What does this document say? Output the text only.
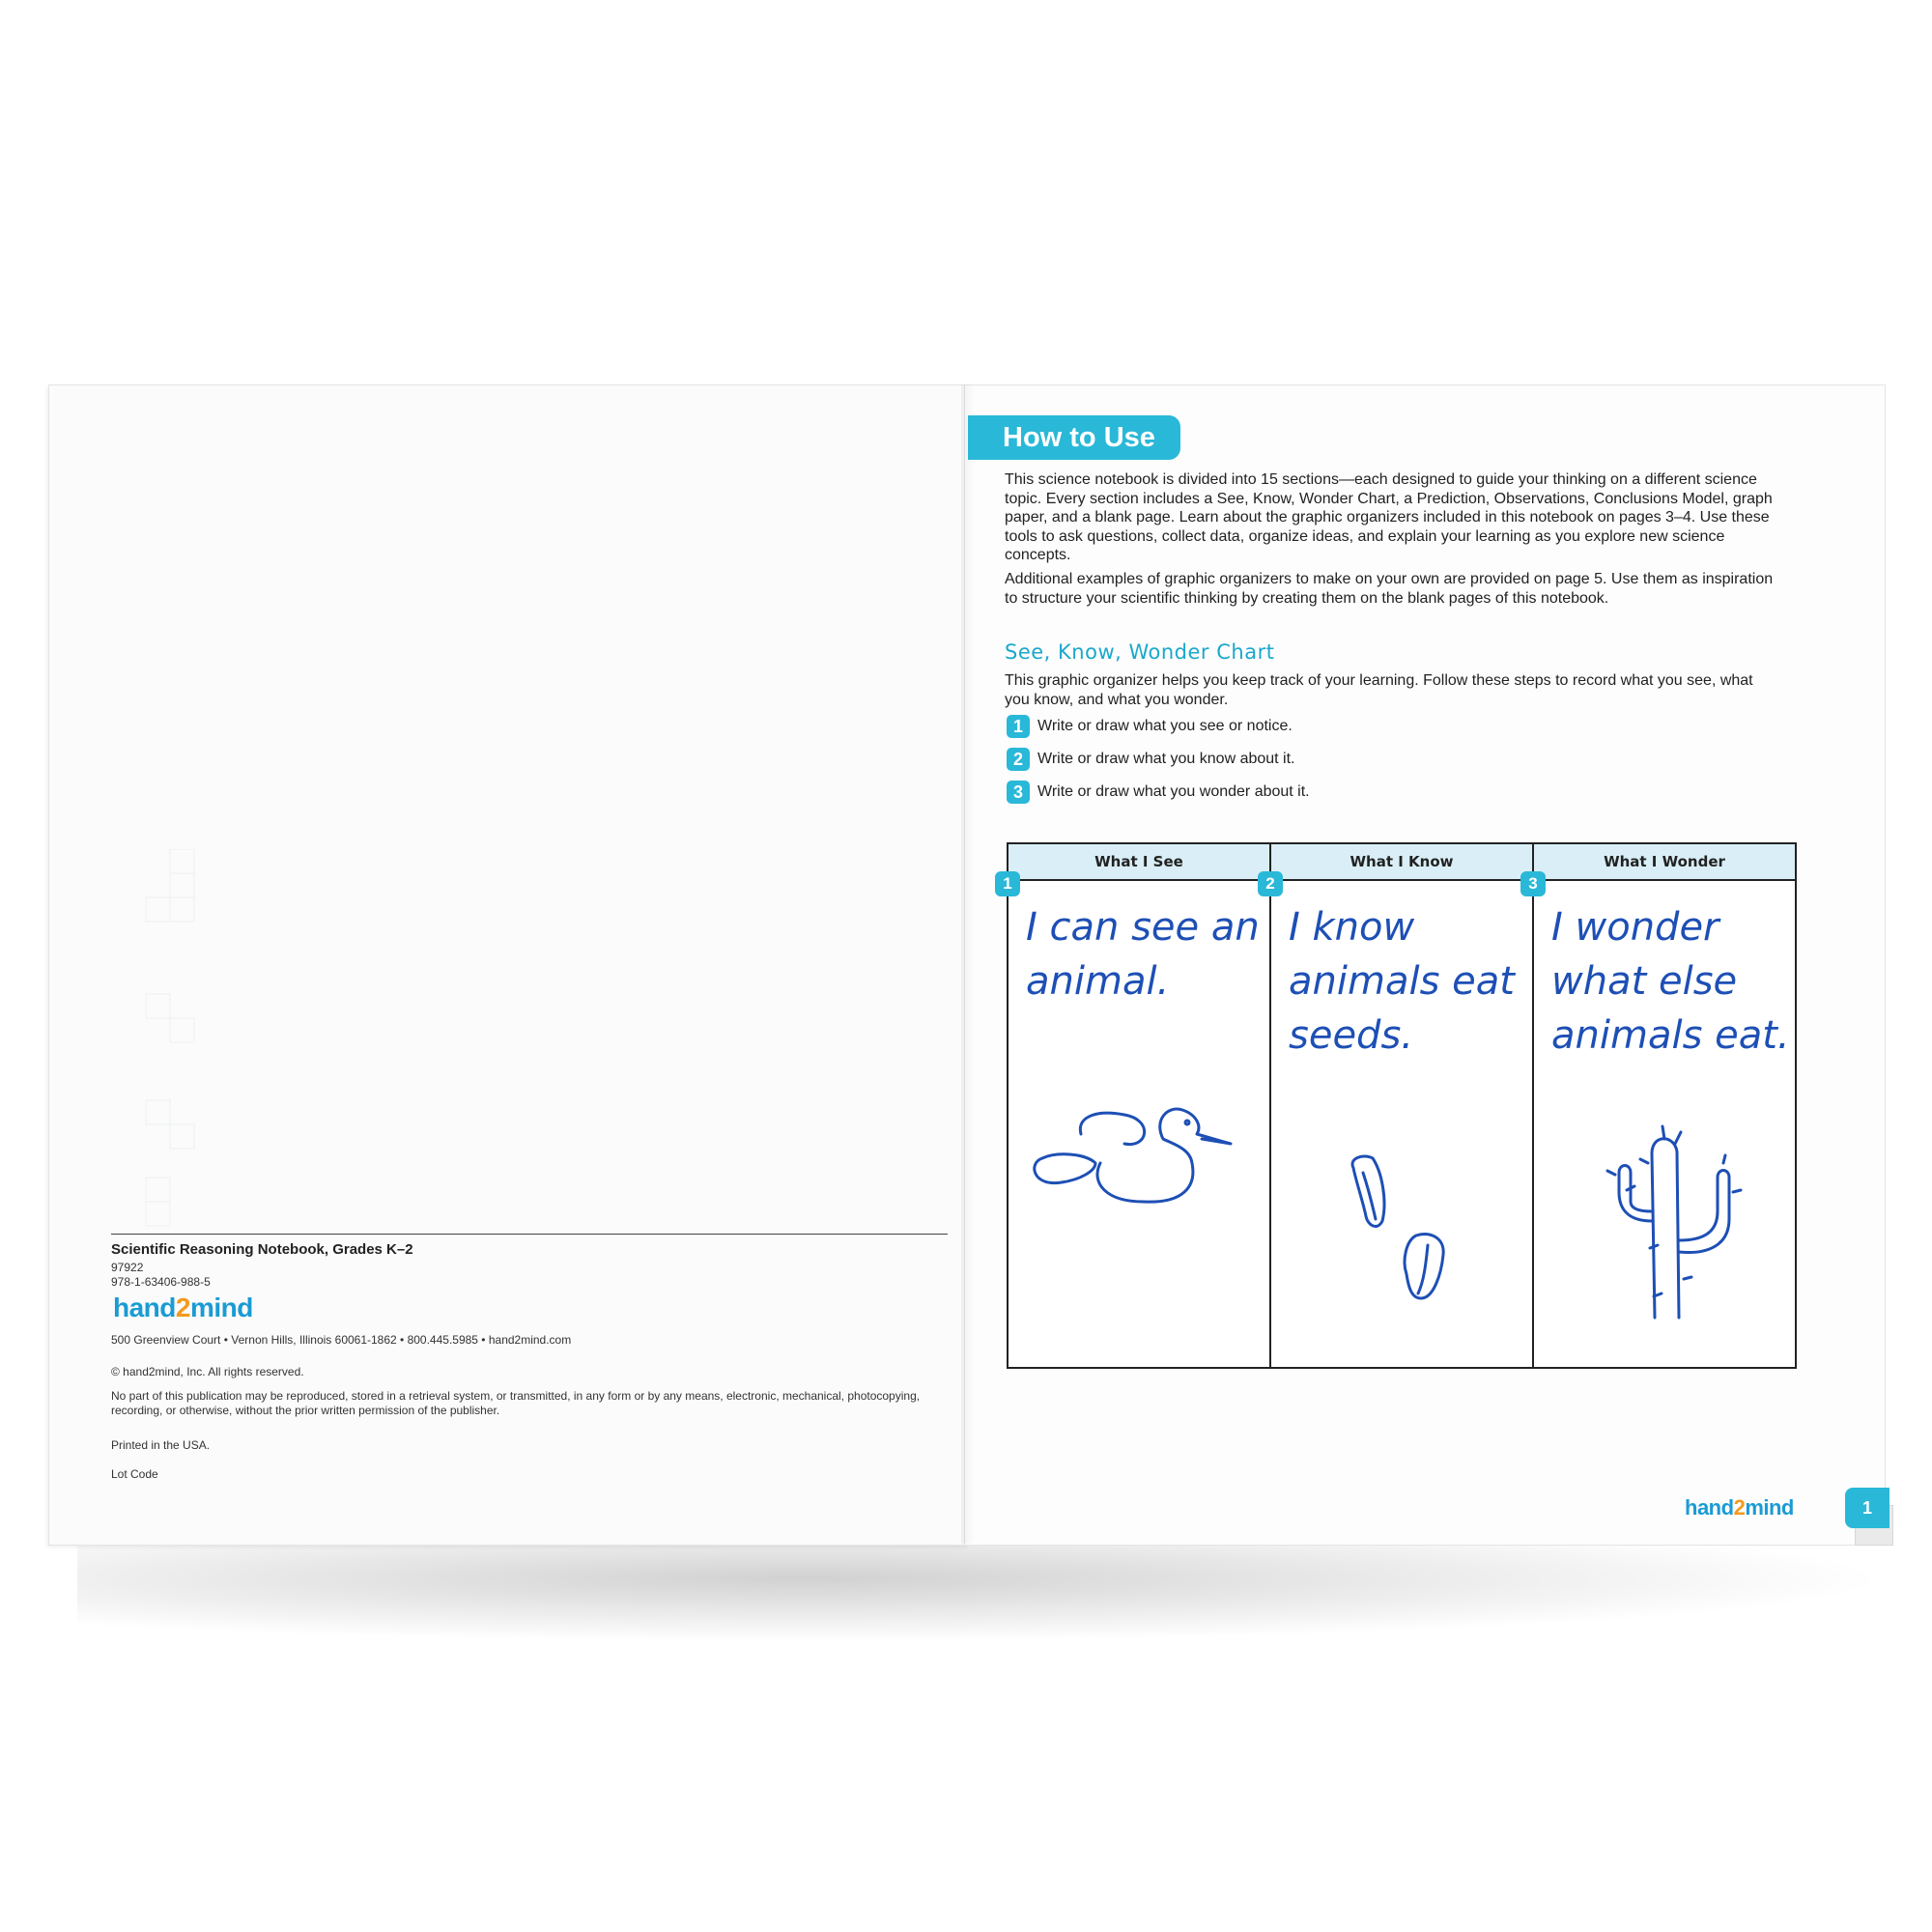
Scientific Reasoning Notebook, Grades K–2

97922

978-1-63406-988-5

hand2mind

500 Greenview Court • Vernon Hills, Illinois 60061-1862 • 800.445.5985 • hand2mind.com

© hand2mind, Inc. All rights reserved.

No part of this publication may be reproduced, stored in a retrieval system, or transmitted, in any form or by any means, electronic, mechanical, photocopying, recording, or otherwise, without the prior written permission of the publisher.

Printed in the USA.

Lot Code

How to Use

This science notebook is divided into 15 sections—each designed to guide your thinking on a different science topic. Every section includes a See, Know, Wonder Chart, a Prediction, Observations, Conclusions Model, graph paper, and a blank page. Learn about the graphic organizers included in this notebook on pages 3–4. Use these tools to ask questions, collect data, organize ideas, and explain your learning as you explore new science concepts.

Additional examples of graphic organizers to make on your own are provided on page 5. Use them as inspiration to structure your scientific thinking by creating them on the blank pages of this notebook.

See, Know, Wonder Chart

This graphic organizer helps you keep track of your learning. Follow these steps to record what you see, what you know, and what you wonder.

1 Write or draw what you see or notice.
2 Write or draw what you know about it.
3 Write or draw what you wonder about it.
What I See
1

I can see an animal.

What I Know
2

I know animals eat seeds.

What I Wonder
3

I wonder what else animals eat.

hand2mind	1
